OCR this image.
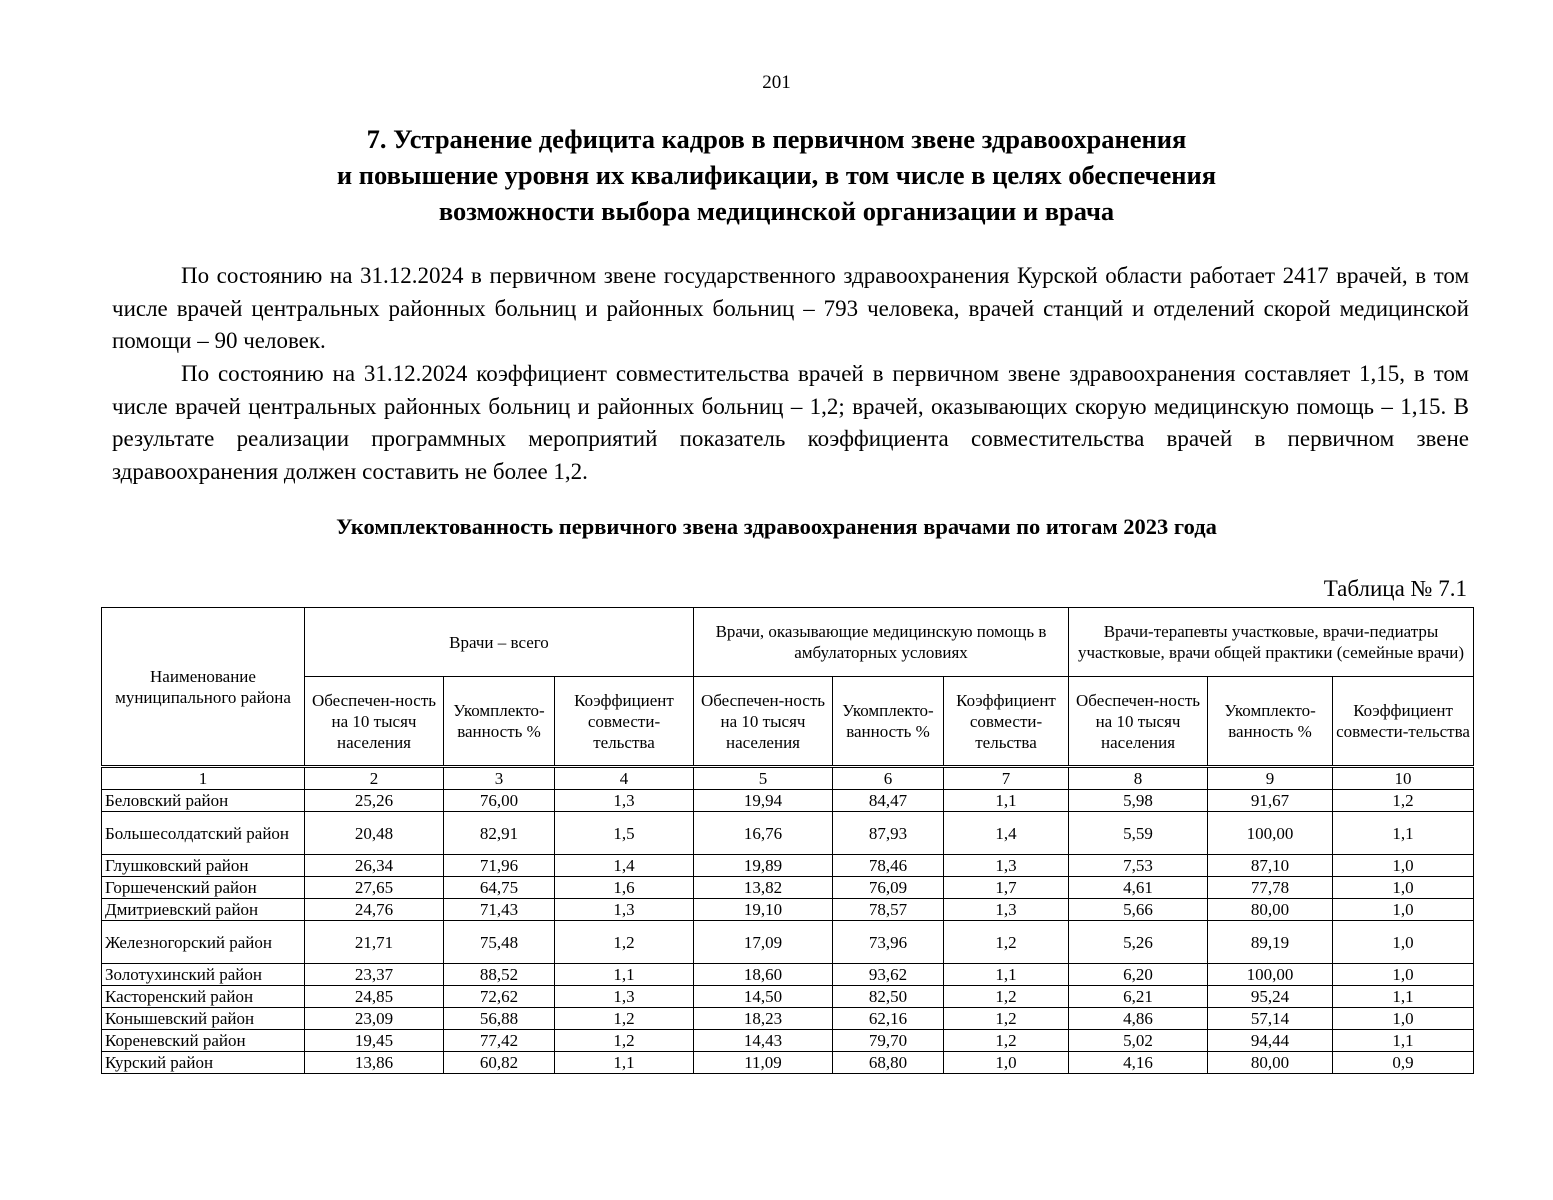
201
7. Устранение дефицита кадров в первичном звене здравоохранения
и повышение уровня их квалификации, в том числе в целях обеспечения
возможности выбора медицинской организации и врача

По состоянию на 31.12.2024 в первичном звене государственного здравоохранения Курской области работает 2417 врачей, в том числе врачей центральных районных больниц и районных больниц – 793 человека, врачей станций и отделений скорой медицинской помощи – 90 человек.

По состоянию на 31.12.2024 коэффициент совместительства врачей в первичном звене здравоохранения составляет 1,15, в том числе врачей центральных районных больниц и районных больниц – 1,2; врачей, оказывающих скорую медицинскую помощь – 1,15. В результате реализации программных мероприятий показатель коэффициента совместительства врачей в первичном звене здравоохранения должен составить не более 1,2.

Укомплектованность первичного звена здравоохранения врачами по итогам 2023 года
Таблица № 7.1
Наименование муниципального района	Врачи – всего			Врачи, оказывающие медицинскую помощь в амбулаторных условиях			Врачи-терапевты участковые, врачи-педиатры участковые, врачи общей практики (семейные врачи)		
	Обеспечен-ность на 10 тысяч населения	Укомплекто-ванность %	Коэффициент совмести-тельства	Обеспечен-ность на 10 тысяч населения	Укомплекто-ванность %	Коэффициент совмести-тельства	Обеспечен-ность на 10 тысяч населения	Укомплекто-ванность %	Коэффициент совмести-тельства
1	2	3	4	5	6	7	8	9	10
Беловский район	25,26	76,00	1,3	19,94	84,47	1,1	5,98	91,67	1,2
Большесолдатский район	20,48	82,91	1,5	16,76	87,93	1,4	5,59	100,00	1,1
Глушковский район	26,34	71,96	1,4	19,89	78,46	1,3	7,53	87,10	1,0
Горшеченский район	27,65	64,75	1,6	13,82	76,09	1,7	4,61	77,78	1,0
Дмитриевский район	24,76	71,43	1,3	19,10	78,57	1,3	5,66	80,00	1,0
Железногорский район	21,71	75,48	1,2	17,09	73,96	1,2	5,26	89,19	1,0
Золотухинский район	23,37	88,52	1,1	18,60	93,62	1,1	6,20	100,00	1,0
Касторенский район	24,85	72,62	1,3	14,50	82,50	1,2	6,21	95,24	1,1
Конышевский район	23,09	56,88	1,2	18,23	62,16	1,2	4,86	57,14	1,0
Кореневский район	19,45	77,42	1,2	14,43	79,70	1,2	5,02	94,44	1,1
Курский район	13,86	60,82	1,1	11,09	68,80	1,0	4,16	80,00	0,9
